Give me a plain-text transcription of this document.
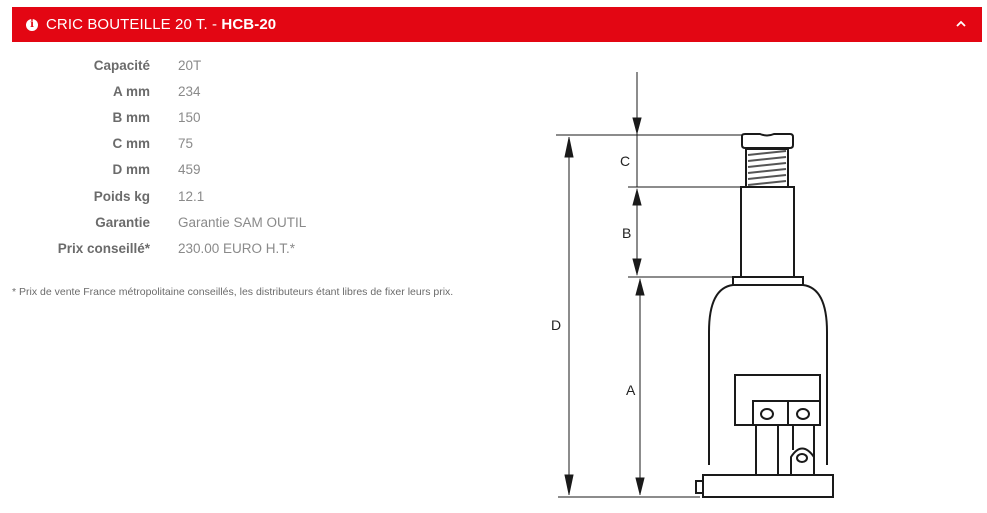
i CRIC BOUTEILLE 20 T. - HCB-20
Capacité 20T
A mm 234
B mm 150
C mm 75
D mm 459
Poids kg 12.1
Garantie Garantie SAM OUTIL
Prix conseillé* 230.00 EURO H.T.*
* Prix de vente France métropolitaine conseillés, les distributeurs étant libres de fixer leurs prix.
C
B
D
A
